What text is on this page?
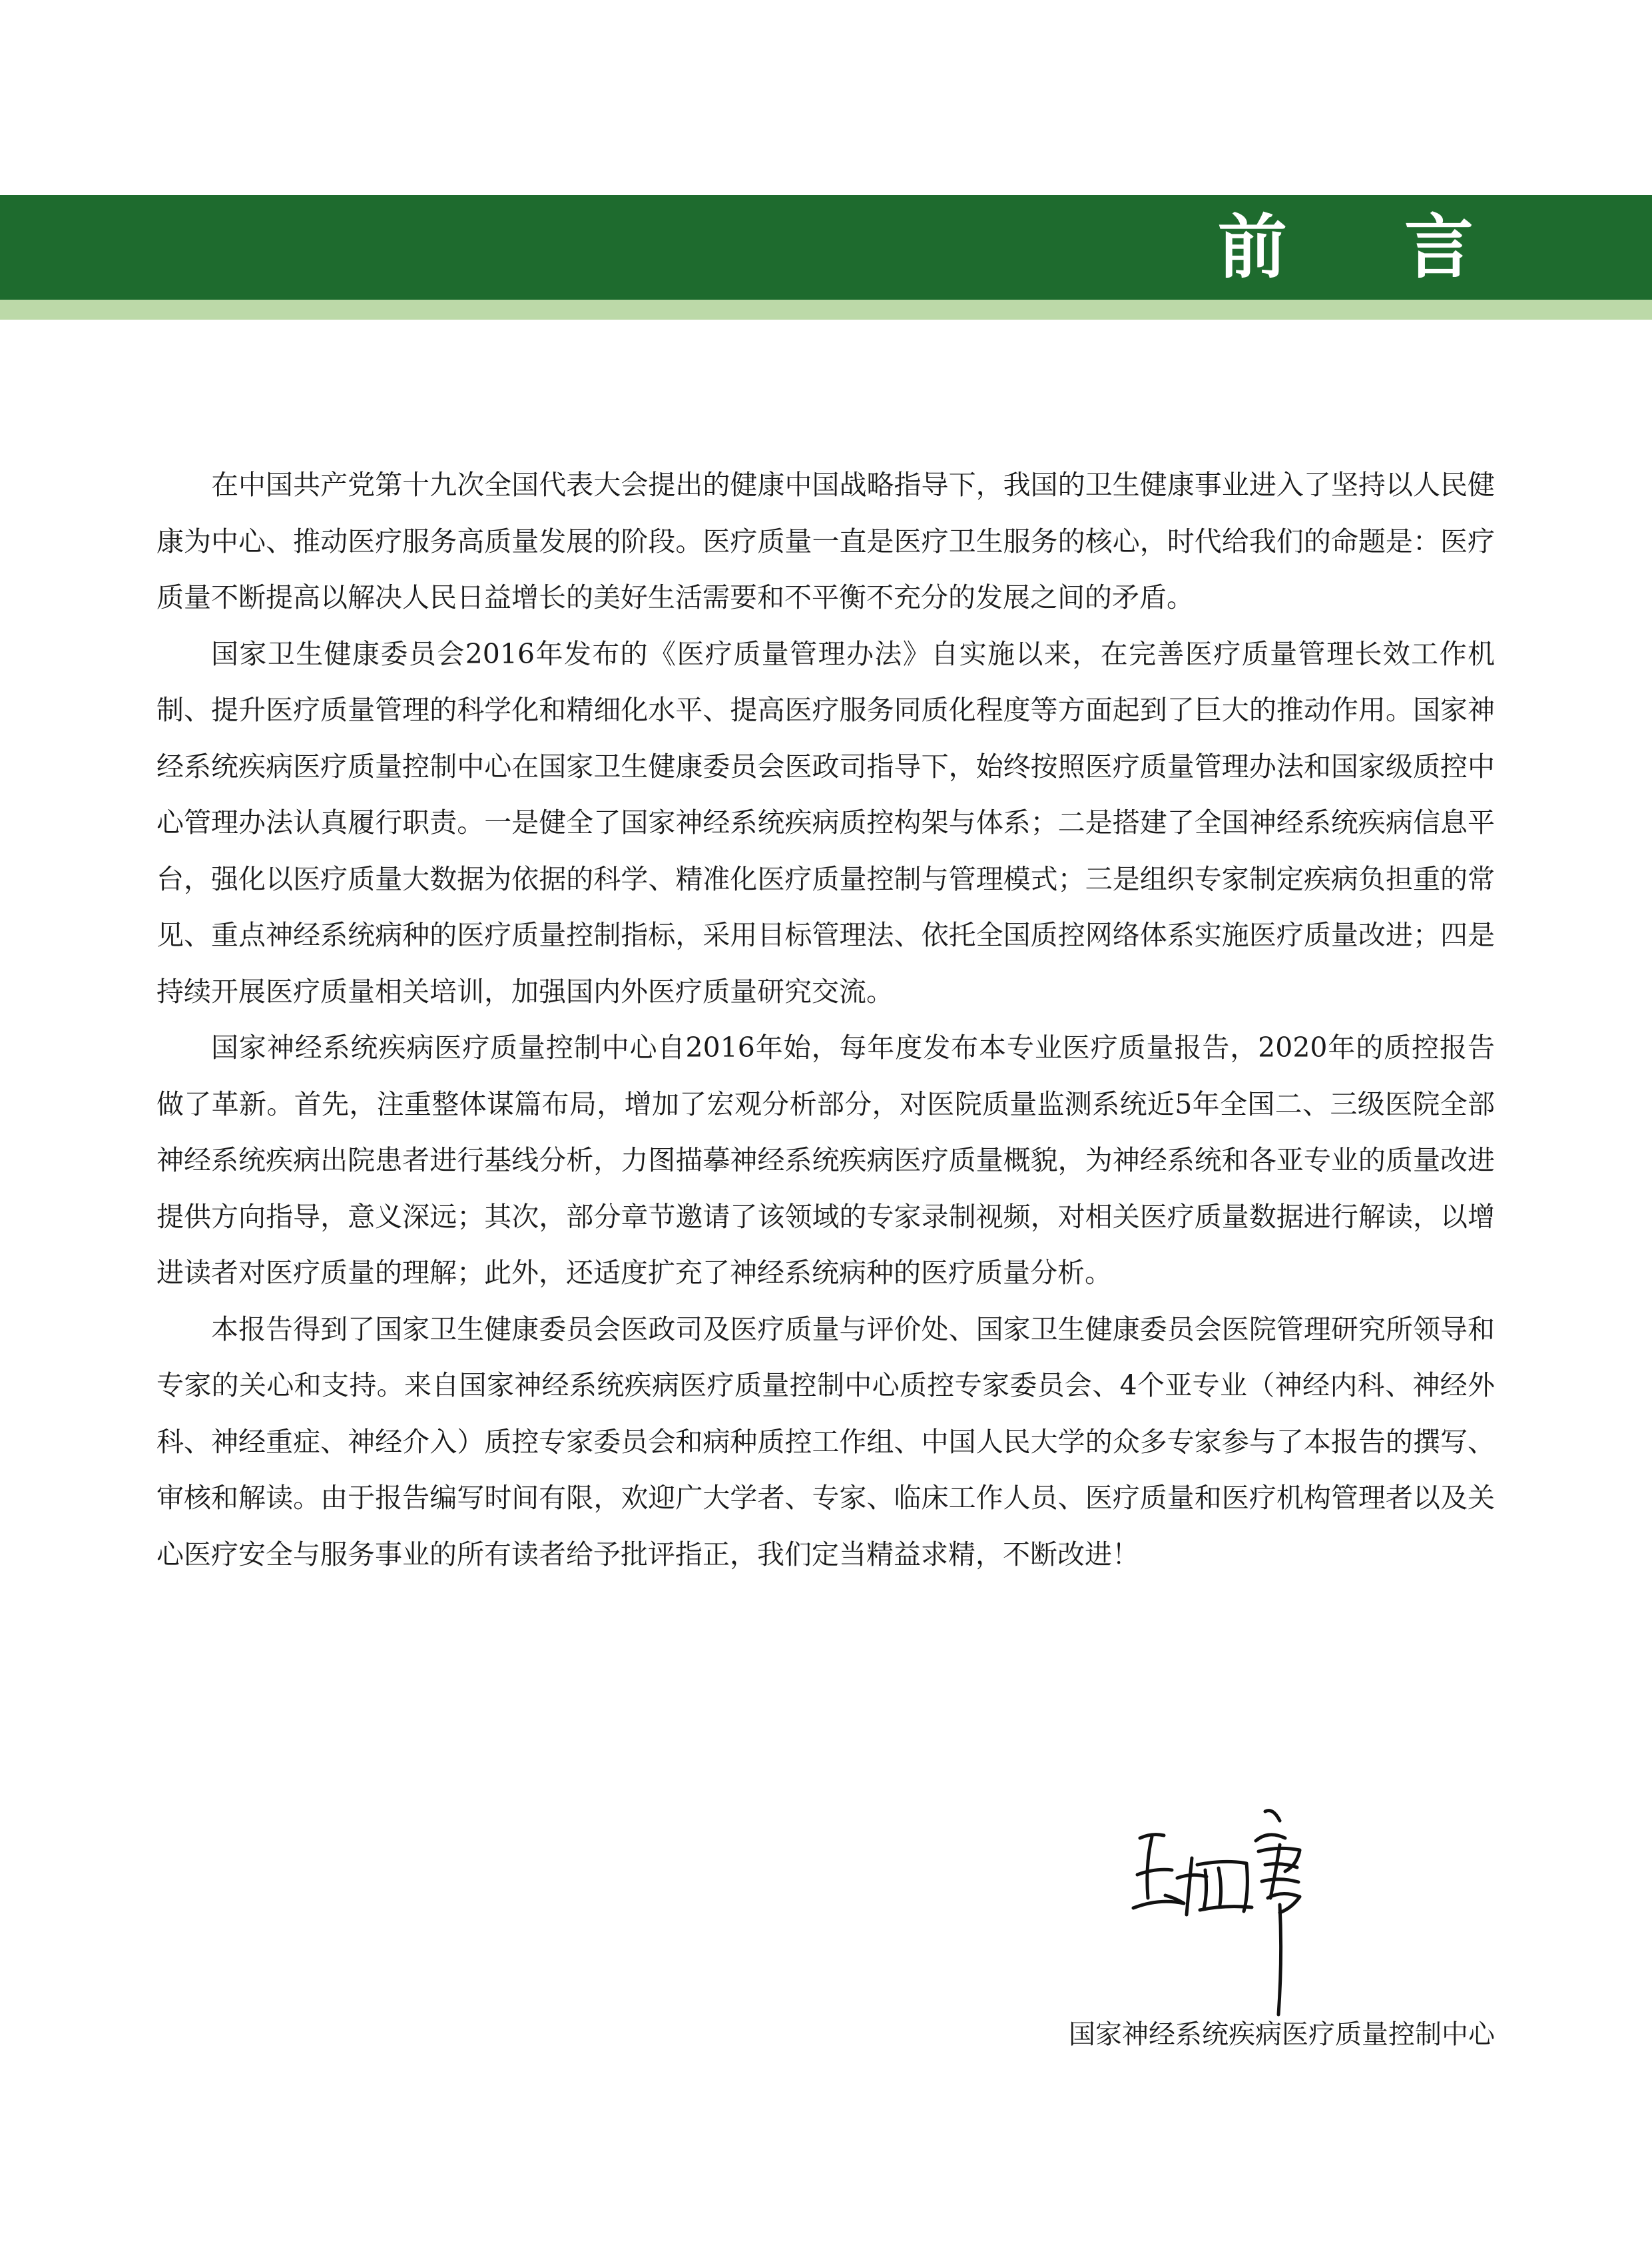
前 言

在中国共产党第十九次全国代表大会提出的健康中国战略指导下，我国的卫生健康事业进入了坚持以人民健康为中心、推动医疗服务高质量发展的阶段。医疗质量一直是医疗卫生服务的核心，时代给我们的命题是：医疗质量不断提高以解决人民日益增长的美好生活需要和不平衡不充分的发展之间的矛盾。

国家卫生健康委员会2016年发布的《医疗质量管理办法》自实施以来，在完善医疗质量管理长效工作机制、提升医疗质量管理的科学化和精细化水平、提高医疗服务同质化程度等方面起到了巨大的推动作用。国家神经系统疾病医疗质量控制中心在国家卫生健康委员会医政司指导下，始终按照医疗质量管理办法和国家级质控中心管理办法认真履行职责。一是健全了国家神经系统疾病质控构架与体系；二是搭建了全国神经系统疾病信息平台，强化以医疗质量大数据为依据的科学、精准化医疗质量控制与管理模式；三是组织专家制定疾病负担重的常见、重点神经系统病种的医疗质量控制指标，采用目标管理法、依托全国质控网络体系实施医疗质量改进；四是持续开展医疗质量相关培训，加强国内外医疗质量研究交流。

国家神经系统疾病医疗质量控制中心自2016年始，每年度发布本专业医疗质量报告，2020年的质控报告做了革新。首先，注重整体谋篇布局，增加了宏观分析部分，对医院质量监测系统近5年全国二、三级医院全部神经系统疾病出院患者进行基线分析，力图描摹神经系统疾病医疗质量概貌，为神经系统和各亚专业的质量改进提供方向指导，意义深远；其次，部分章节邀请了该领域的专家录制视频，对相关医疗质量数据进行解读，以增进读者对医疗质量的理解；此外，还适度扩充了神经系统病种的医疗质量分析。

本报告得到了国家卫生健康委员会医政司及医疗质量与评价处、国家卫生健康委员会医院管理研究所领导和专家的关心和支持。来自国家神经系统疾病医疗质量控制中心质控专家委员会、4个亚专业（神经内科、神经外科、神经重症、神经介入）质控专家委员会和病种质控工作组、中国人民大学的众多专家参与了本报告的撰写、审核和解读。由于报告编写时间有限，欢迎广大学者、专家、临床工作人员、医疗质量和医疗机构管理者以及关心医疗安全与服务事业的所有读者给予批评指正，我们定当精益求精，不断改进！

国家神经系统疾病医疗质量控制中心
